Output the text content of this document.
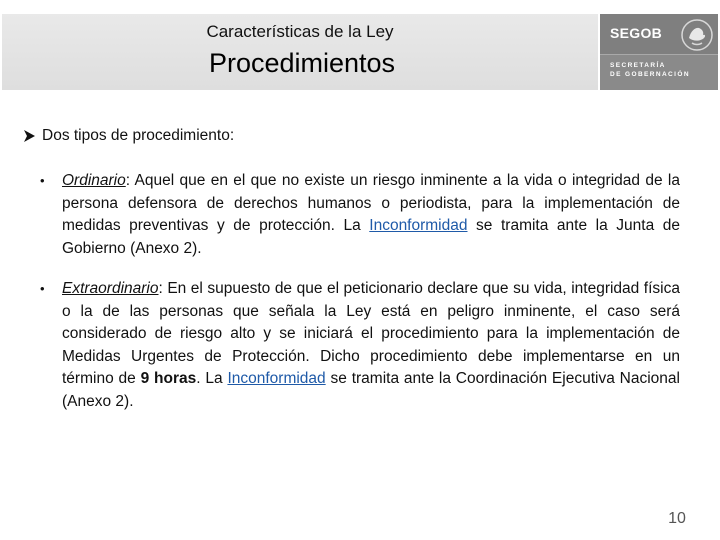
Características de la Ley
Procedimientos
SEGOB
SECRETARÍA
DE GOBERNACIÓN
Dos tipos de procedimiento:
• Ordinario: Aquel que en el que no existe un riesgo inminente a la vida o integridad de la persona defensora de derechos humanos o periodista, para la implementación de medidas preventivas y de protección. La Inconformidad se tramita ante la Junta de Gobierno (Anexo 2).
• Extraordinario: En el supuesto de que el peticionario declare que su vida, integridad física o la de las personas que señala la Ley está en peligro inminente, el caso será considerado de riesgo alto y se iniciará el procedimiento para la implementación de Medidas Urgentes de Protección. Dicho procedimiento debe implementarse en un término de 9 horas. La Inconformidad se tramita ante la Coordinación Ejecutiva Nacional (Anexo 2).
10
